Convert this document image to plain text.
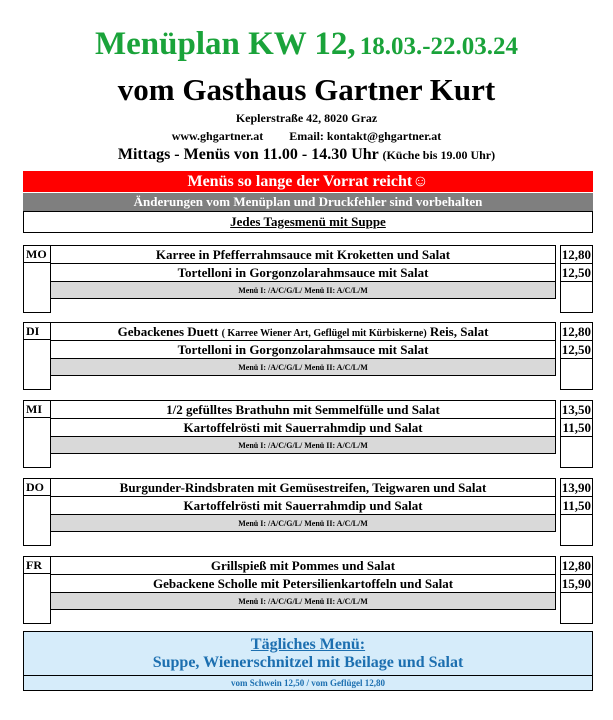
Menüplan KW 12, 18.03.-22.03.24
vom Gasthaus Gartner Kurt
Keplerstraße 42, 8020 Graz
www.ghgartner.at Email: kontakt@ghgartner.at
Mittags - Menüs von 11.00 - 14.30 Uhr (Küche bis 19.00 Uhr)
Menüs so lange der Vorrat reicht☺
Änderungen vom Menüplan und Druckfehler sind vorbehalten
Jedes Tagesmenü mit Suppe
MO	Karree in Pfefferrahmsauce mit Kroketten und Salat	12,80
Tortelloni in Gorgonzolarahmsauce mit Salat	12,50
Menü I: /A/C/G/L/ Menü II: A/C/L/M
DI	Gebackenes Duett ( Karree Wiener Art, Geflügel mit Kürbiskerne) Reis, Salat	12,80
Tortelloni in Gorgonzolarahmsauce mit Salat	12,50
Menü I: /A/C/G/L/ Menü II: A/C/L/M
MI	1/2 gefülltes Brathuhn mit Semmelfülle und Salat	13,50
Kartoffelrösti mit Sauerrahmdip und Salat	11,50
Menü I: /A/C/G/L/ Menü II: A/C/L/M
DO	Burgunder-Rindsbraten mit Gemüsestreifen, Teigwaren und Salat	13,90
Kartoffelrösti mit Sauerrahmdip und Salat	11,50
Menü I: /A/C/G/L/ Menü II: A/C/L/M
FR	Grillspieß mit Pommes und Salat	12,80
Gebackene Scholle mit Petersilienkartoffeln und Salat	15,90
Menü I: /A/C/G/L/ Menü II: A/C/L/M
Tägliches Menü:
Suppe, Wienerschnitzel mit Beilage und Salat
vom Schwein 12,50 / vom Geflügel 12,80
